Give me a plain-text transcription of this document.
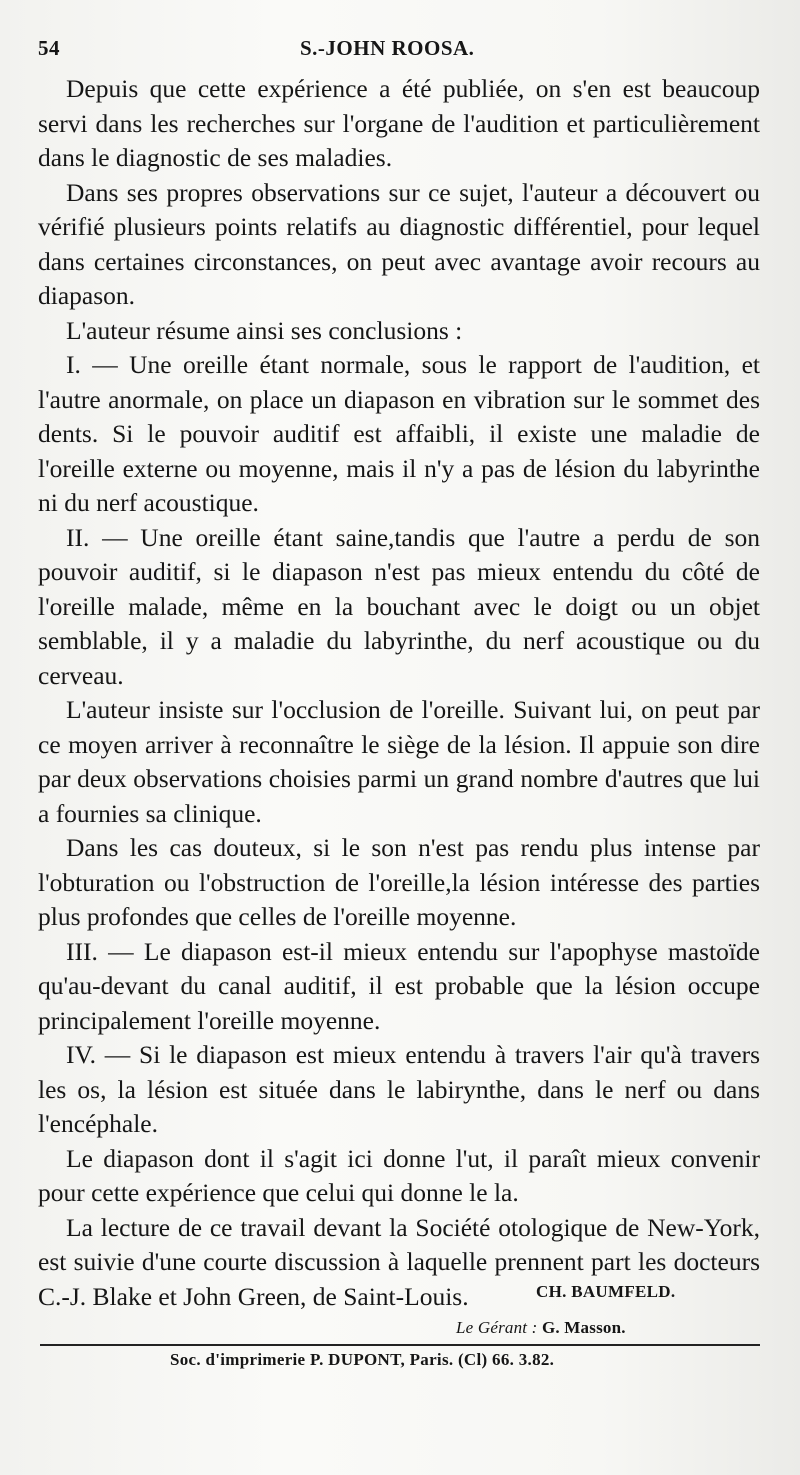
54	S.-JOHN ROOSA.

Depuis que cette expérience a été publiée, on s'en est beaucoup servi dans les recherches sur l'organe de l'audition et particulièrement dans le diagnostic de ses maladies.

Dans ses propres observations sur ce sujet, l'auteur a découvert ou vérifié plusieurs points relatifs au diagnostic différentiel, pour lequel dans certaines circonstances, on peut avec avantage avoir recours au diapason.

L'auteur résume ainsi ses conclusions :

I. — Une oreille étant normale, sous le rapport de l'audition, et l'autre anormale, on place un diapason en vibration sur le sommet des dents. Si le pouvoir auditif est affaibli, il existe une maladie de l'oreille externe ou moyenne, mais il n'y a pas de lésion du labyrinthe ni du nerf acoustique.

II. — Une oreille étant saine,tandis que l'autre a perdu de son pouvoir auditif, si le diapason n'est pas mieux entendu du côté de l'oreille malade, même en la bouchant avec le doigt ou un objet semblable, il y a maladie du labyrinthe, du nerf acoustique ou du cerveau.

L'auteur insiste sur l'occlusion de l'oreille. Suivant lui, on peut par ce moyen arriver à reconnaître le siège de la lésion. Il appuie son dire par deux observations choisies parmi un grand nombre d'autres que lui a fournies sa clinique.

Dans les cas douteux, si le son n'est pas rendu plus intense par l'obturation ou l'obstruction de l'oreille,la lésion intéresse des parties plus profondes que celles de l'oreille moyenne.

III. — Le diapason est-il mieux entendu sur l'apophyse mastoïde qu'au-devant du canal auditif, il est probable que la lésion occupe principalement l'oreille moyenne.

IV. — Si le diapason est mieux entendu à travers l'air qu'à travers les os, la lésion est située dans le labirynthe, dans le nerf ou dans l'encéphale.

Le diapason dont il s'agit ici donne l'ut, il paraît mieux convenir pour cette expérience que celui qui donne le la.

La lecture de ce travail devant la Société otologique de New-York, est suivie d'une courte discussion à laquelle prennent part les docteurs C.-J. Blake et John Green, de Saint-Louis.	CH. BAUMFELD.
Le Gérant : G. Masson.
Soc. d'imprimerie P. DUPONT, Paris. (Cl) 66. 3.82.
